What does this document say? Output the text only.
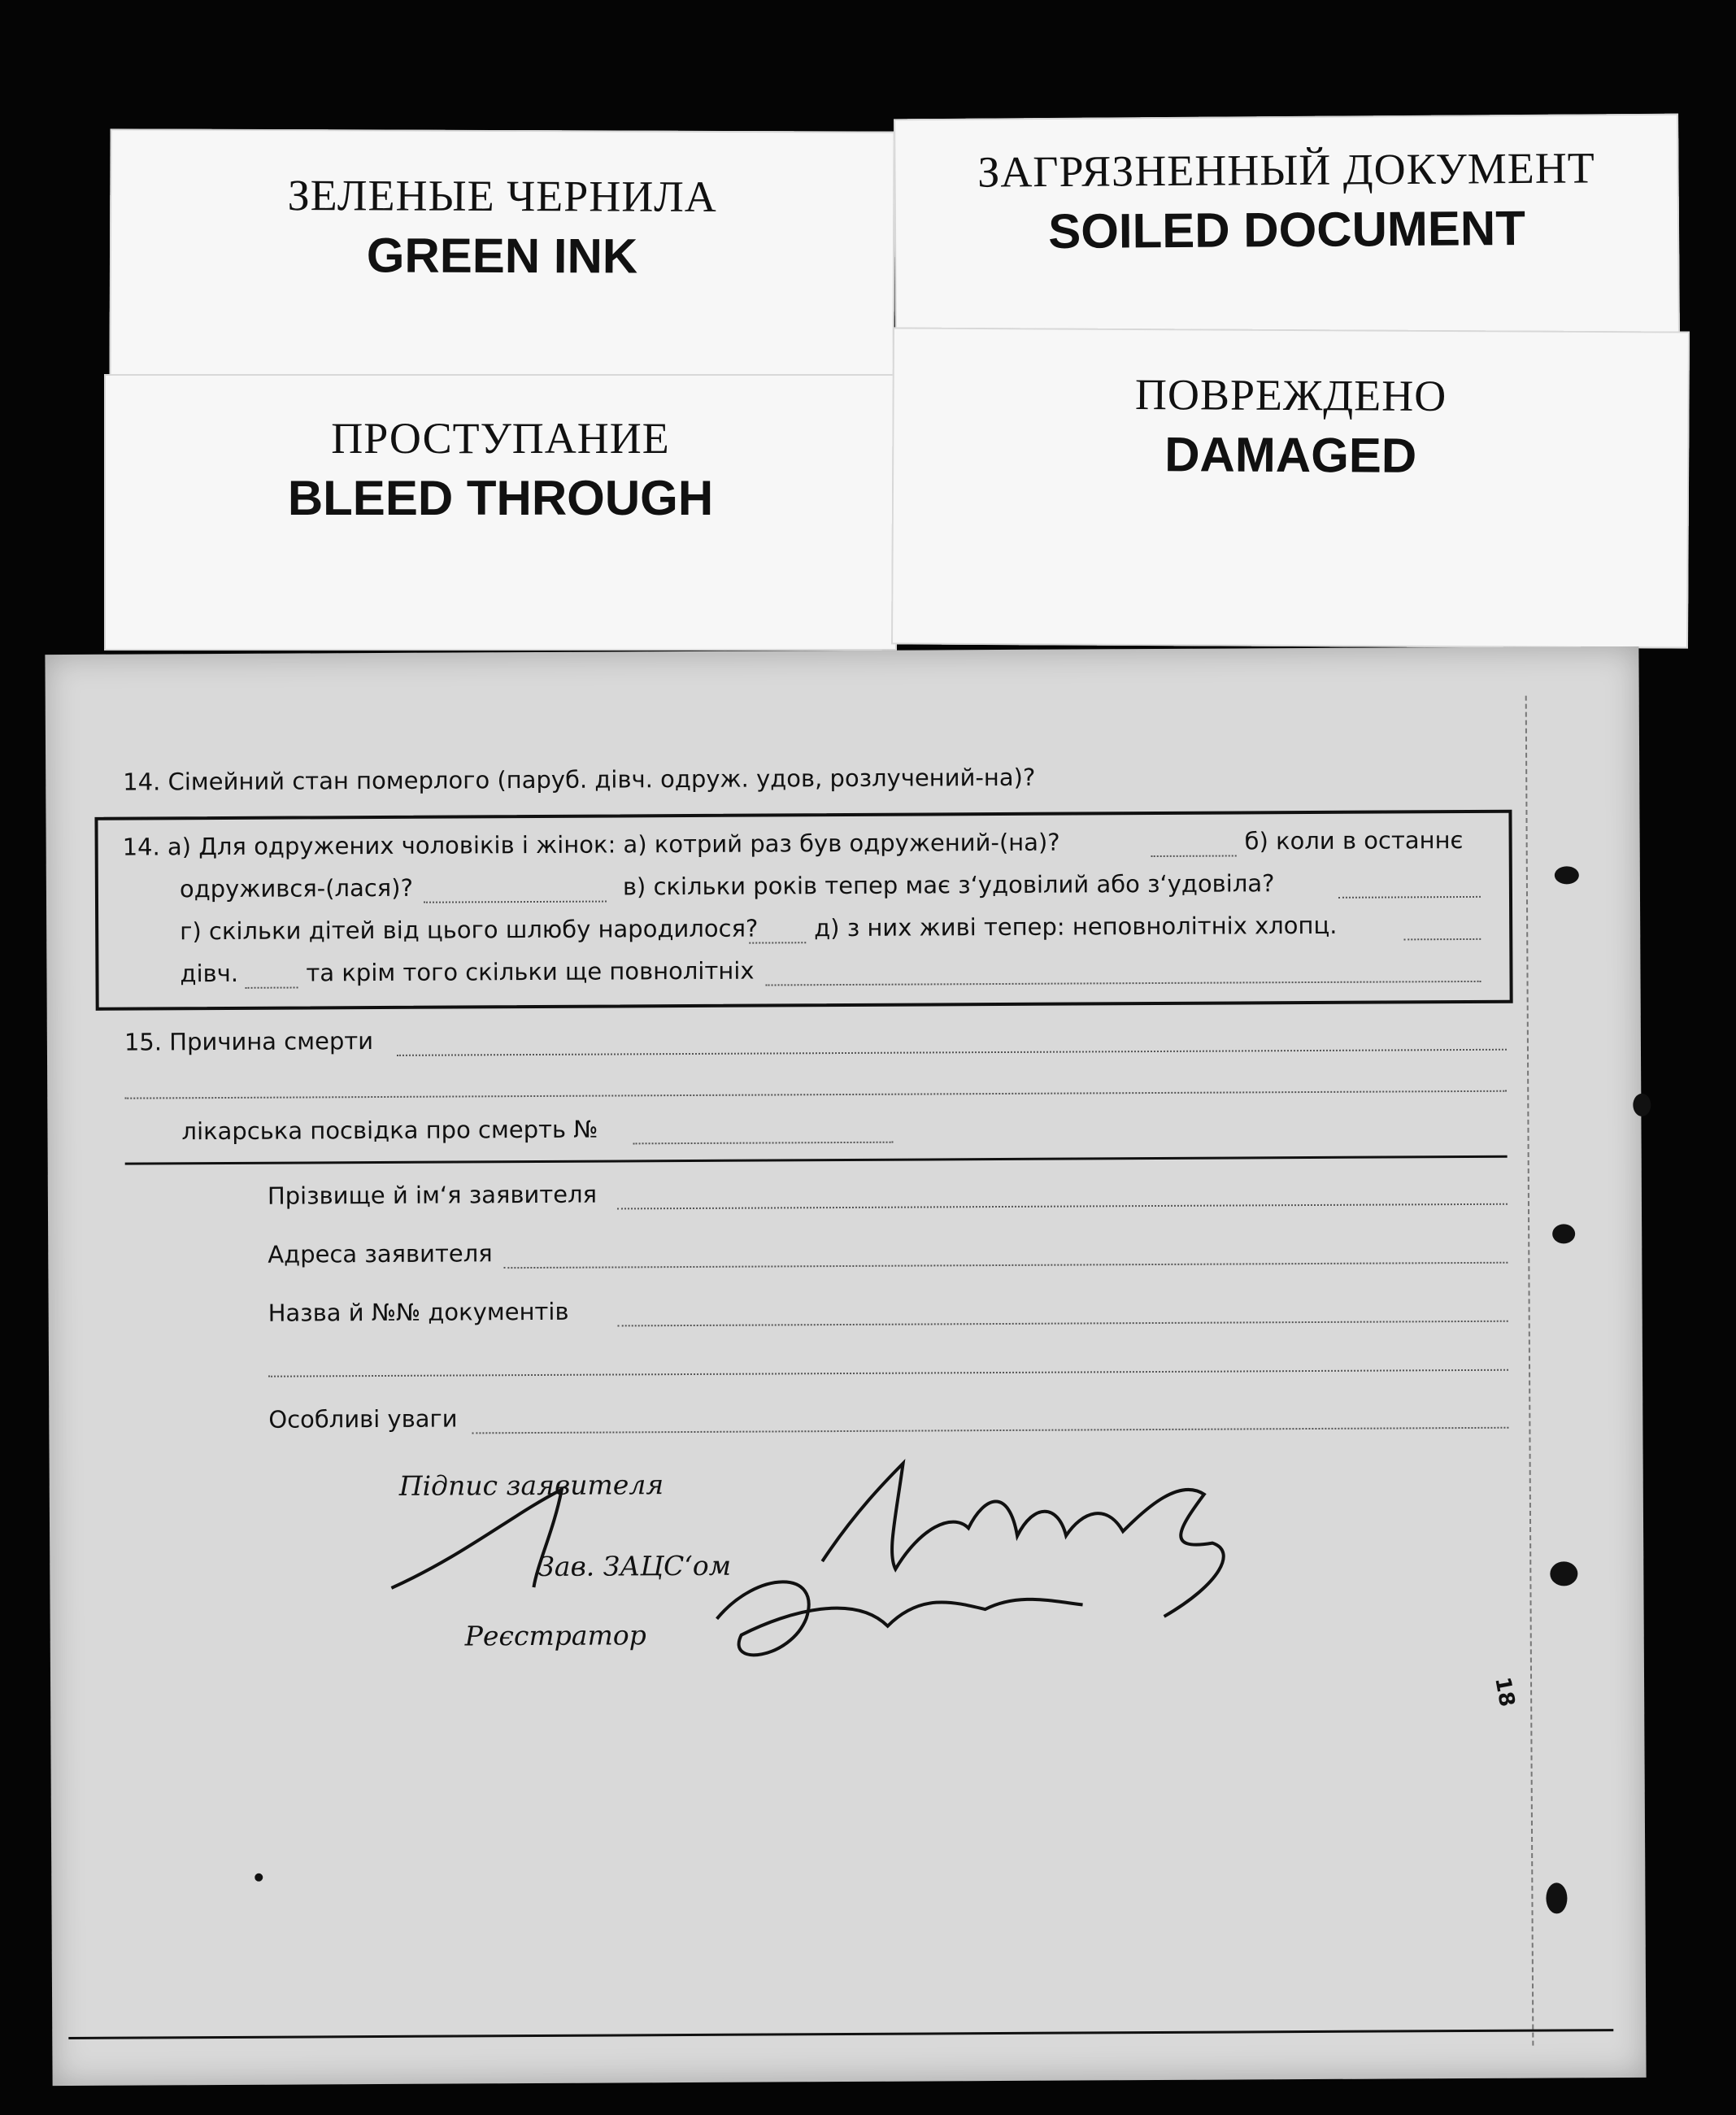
ЗЕЛЕНЫЕ ЧЕРНИЛА
GREEN INK
ЗАГРЯЗНЕННЫЙ ДОКУМЕНТ
SOILED DOCUMENT
ПРОСТУПАНИЕ
BLEED THROUGH
ПОВРЕЖДЕНО
DAMAGED
14. Сімейний стан померлого (паруб. дівч. одруж. удов, розлучений-на)?
14. а) Для одружених чоловіків і жінок: а) котрий раз був одружений-(на)?	б) коли в останнє
одружився-(лася)?	в) скільки років тепер має з‘удовілий або з‘удовіла?
г) скільки дітей від цього шлюбу народилося? д) з них живі тепер: неповнолітніх хлопц.
дівч.	та крім того скільки ще повнолітніх
15. Причина смерти
лікарська посвідка про смерть №
Прізвище й ім‘я заявителя
Адреса заявителя
Назва й №№ документів
Особливі уваги
Підпис заявителя
Зав. ЗАЦС‘ом
Реєстратор
18
